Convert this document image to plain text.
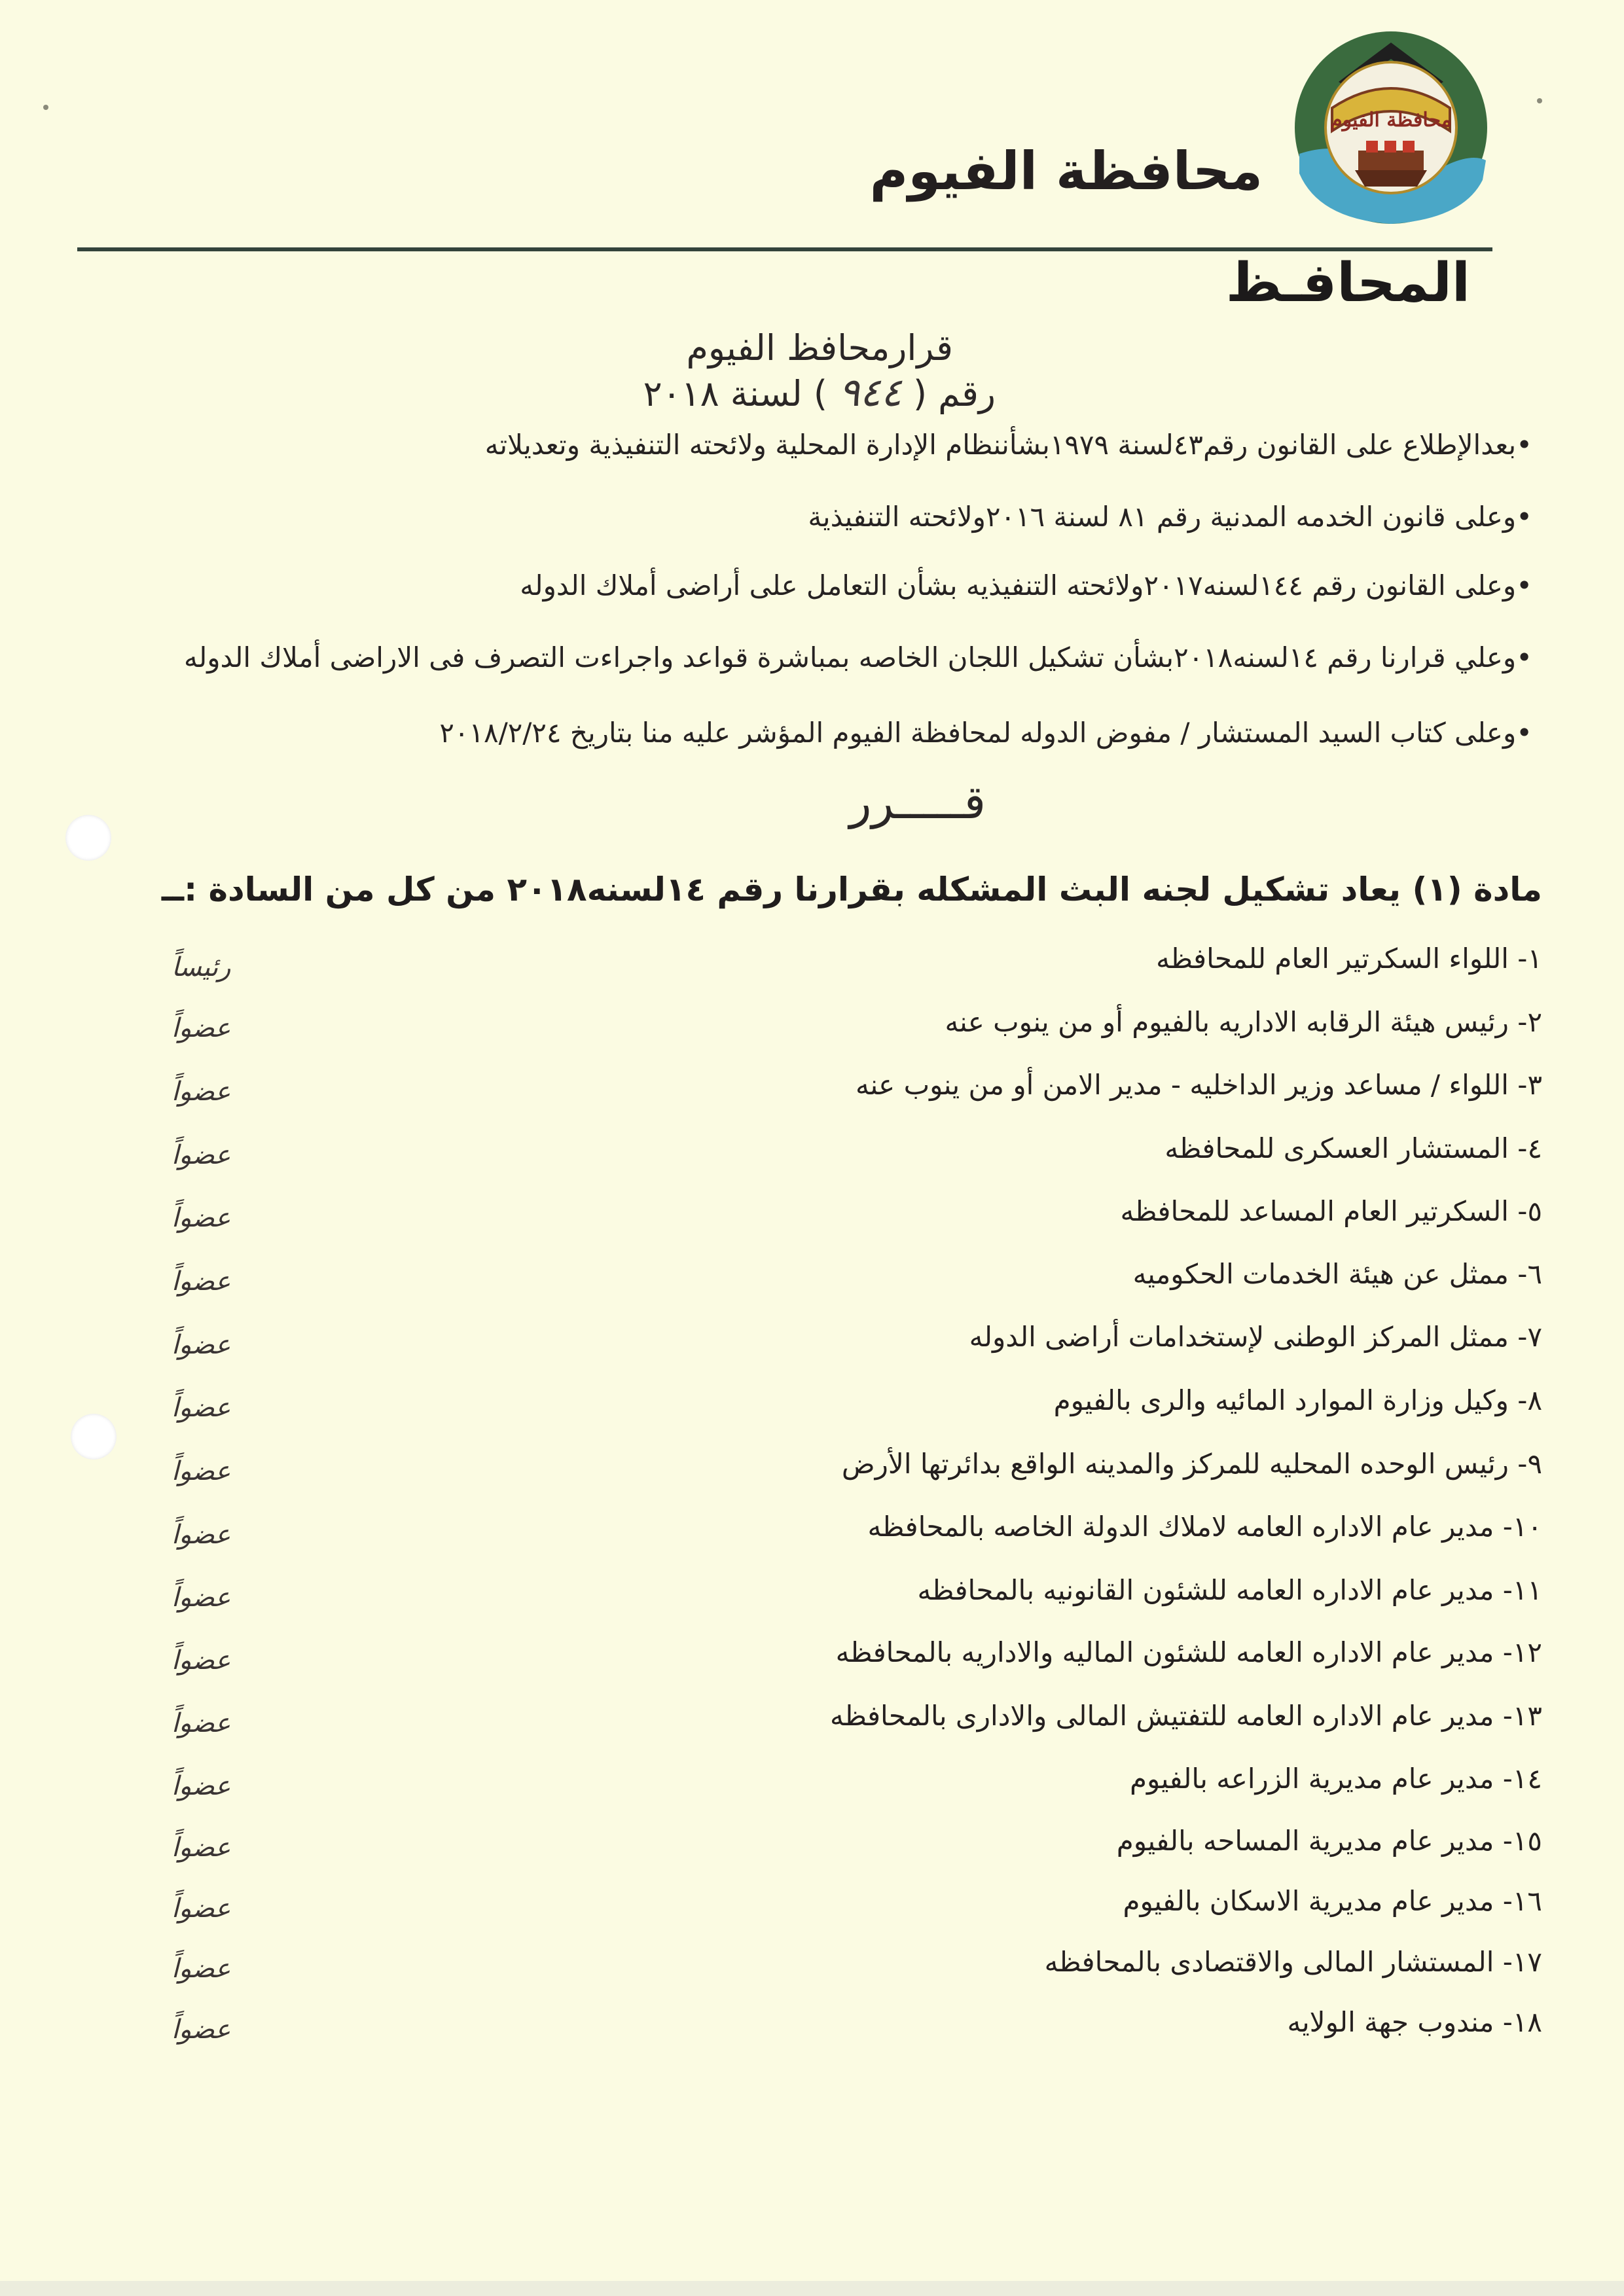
محافظة الفيوم
محافظة الفيوم
المحافـظ
قرارمحافظ الفيوم
رقم ( ٩٤٤ ) لسنة ٢٠١٨
•بعدالإطلاع على القانون رقم٤٣لسنة ١٩٧٩بشأننظام الإدارة المحلية ولائحته التنفيذية وتعديلاته
•وعلى قانون الخدمه المدنية رقم ٨١ لسنة ٢٠١٦ولائحته التنفيذية
•وعلى القانون رقم ١٤٤لسنه٢٠١٧ولائحته التنفيذيه بشأن التعامل على أراضى أملاك الدوله
•وعلي قرارنا رقم ١٤لسنه٢٠١٨بشأن تشكيل اللجان الخاصه بمباشرة قواعد واجراءت التصرف فى الاراضى أملاك الدوله
•وعلى كتاب السيد المستشار / مفوض الدوله لمحافظة الفيوم المؤشر عليه منا بتاريخ ٢٠١٨/٢/٢٤
قـــــرر
مادة (١) يعاد تشكيل لجنه البث المشكله بقرارنا رقم ١٤لسنه٢٠١٨ من كل من السادة :ــ
١- اللواء السكرتير العام للمحافظه
رئيساً
٢- رئيس هيئة الرقابه الاداريه بالفيوم أو من ينوب عنه
عضواً
٣- اللواء / مساعد وزير الداخليه - مدير الامن أو من ينوب عنه
عضواً
٤- المستشار العسكرى للمحافظه
عضواً
٥- السكرتير العام المساعد للمحافظه
عضواً
٦- ممثل عن هيئة الخدمات الحكوميه
عضواً
٧- ممثل المركز الوطنى لإستخدامات أراضى الدوله
عضواً
٨- وكيل وزارة الموارد المائيه والرى بالفيوم
عضواً
٩- رئيس الوحده المحليه للمركز والمدينه الواقع بدائرتها الأرض
عضواً
١٠- مدير عام الاداره العامه لاملاك الدولة الخاصه بالمحافظه
عضواً
١١- مدير عام الاداره العامه للشئون القانونيه بالمحافظه
عضواً
١٢- مدير عام الاداره العامه للشئون الماليه والاداريه بالمحافظه
عضواً
١٣- مدير عام الاداره العامه للتفتيش المالى والادارى بالمحافظه
عضواً
١٤- مدير عام مديرية الزراعه بالفيوم
عضواً
١٥- مدير عام مديرية المساحه بالفيوم
عضواً
١٦- مدير عام مديرية الاسكان بالفيوم
عضواً
١٧- المستشار المالى والاقتصادى بالمحافظه
عضواً
١٨- مندوب جهة الولايه
عضواً
